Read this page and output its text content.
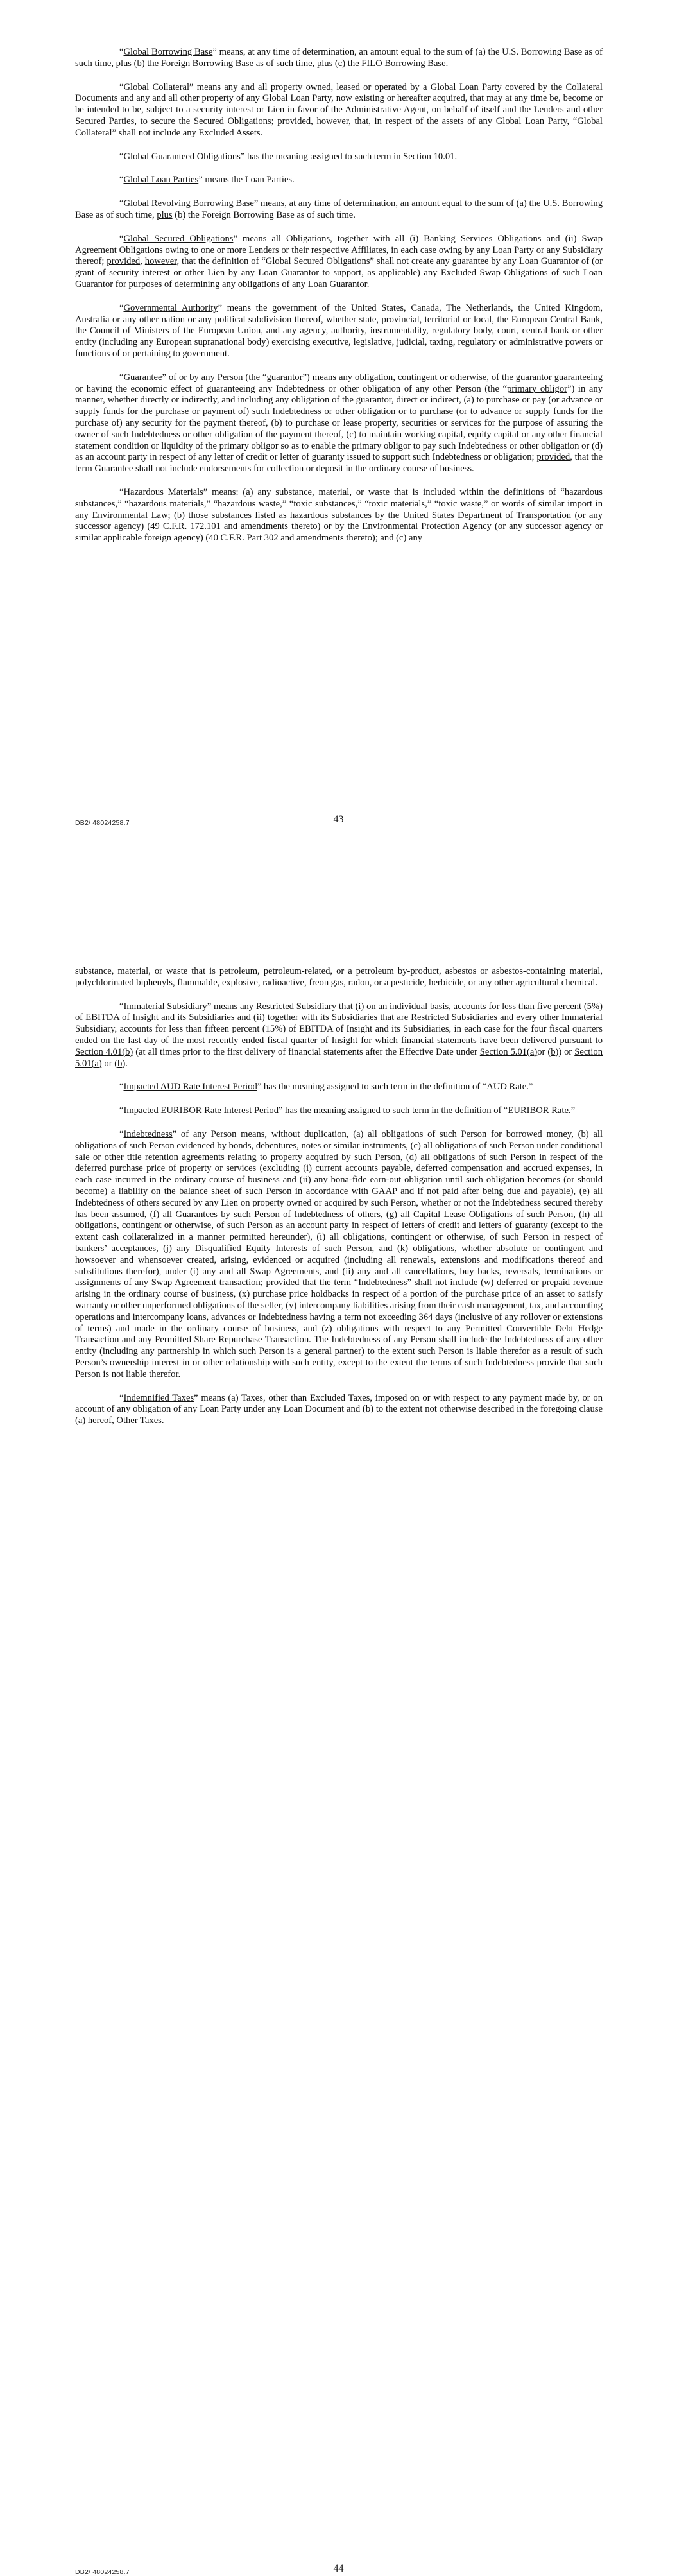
“Global Borrowing Base” means, at any time of determination, an amount equal to the sum of (a) the U.S. Borrowing Base as of such time, plus (b) the Foreign Borrowing Base as of such time, plus (c) the FILO Borrowing Base.

“Global Collateral” means any and all property owned, leased or operated by a Global Loan Party covered by the Collateral Documents and any and all other property of any Global Loan Party, now existing or hereafter acquired, that may at any time be, become or be intended to be, subject to a security interest or Lien in favor of the Administrative Agent, on behalf of itself and the Lenders and other Secured Parties, to secure the Secured Obligations; provided, however, that, in respect of the assets of any Global Loan Party, “Global Collateral” shall not include any Excluded Assets.

“Global Guaranteed Obligations” has the meaning assigned to such term in Section 10.01.

“Global Loan Parties” means the Loan Parties.

“Global Revolving Borrowing Base” means, at any time of determination, an amount equal to the sum of (a) the U.S. Borrowing Base as of such time, plus (b) the Foreign Borrowing Base as of such time.

“Global Secured Obligations” means all Obligations, together with all (i) Banking Services Obligations and (ii) Swap Agreement Obligations owing to one or more Lenders or their respective Affiliates, in each case owing by any Loan Party or any Subsidiary thereof; provided, however, that the definition of “Global Secured Obligations” shall not create any guarantee by any Loan Guarantor of (or grant of security interest or other Lien by any Loan Guarantor to support, as applicable) any Excluded Swap Obligations of such Loan Guarantor for purposes of determining any obligations of any Loan Guarantor.

“Governmental Authority” means the government of the United States, Canada, The Netherlands, the United Kingdom, Australia or any other nation or any political subdivision thereof, whether state, provincial, territorial or local, the European Central Bank, the Council of Ministers of the European Union, and any agency, authority, instrumentality, regulatory body, court, central bank or other entity (including any European supranational body) exercising executive, legislative, judicial, taxing, regulatory or administrative powers or functions of or pertaining to government.

“Guarantee” of or by any Person (the “guarantor”) means any obligation, contingent or otherwise, of the guarantor guaranteeing or having the economic effect of guaranteeing any Indebtedness or other obligation of any other Person (the “primary obligor”) in any manner, whether directly or indirectly, and including any obligation of the guarantor, direct or indirect, (a) to purchase or pay (or advance or supply funds for the purchase or payment of) such Indebtedness or other obligation or to purchase (or to advance or supply funds for the purchase of) any security for the payment thereof, (b) to purchase or lease property, securities or services for the purpose of assuring the owner of such Indebtedness or other obligation of the payment thereof, (c) to maintain working capital, equity capital or any other financial statement condition or liquidity of the primary obligor so as to enable the primary obligor to pay such Indebtedness or other obligation or (d) as an account party in respect of any letter of credit or letter of guaranty issued to support such Indebtedness or obligation; provided, that the term Guarantee shall not include endorsements for collection or deposit in the ordinary course of business.

“Hazardous Materials” means: (a) any substance, material, or waste that is included within the definitions of “hazardous substances,” “hazardous materials,” “hazardous waste,” “toxic substances,” “toxic materials,” “toxic waste,” or words of similar import in any Environmental Law; (b) those substances listed as hazardous substances by the United States Department of Transportation (or any successor agency) (49 C.F.R. 172.101 and amendments thereto) or by the Environmental Protection Agency (or any successor agency or similar applicable foreign agency) (40 C.F.R. Part 302 and amendments thereto); and (c) any

DB2/ 48024258.7	43

substance, material, or waste that is petroleum, petroleum-related, or a petroleum by-product, asbestos or asbestos-containing material, polychlorinated biphenyls, flammable, explosive, radioactive, freon gas, radon, or a pesticide, herbicide, or any other agricultural chemical.

“Immaterial Subsidiary” means any Restricted Subsidiary that (i) on an individual basis, accounts for less than five percent (5%) of EBITDA of Insight and its Subsidiaries and (ii) together with its Subsidiaries that are Restricted Subsidiaries and every other Immaterial Subsidiary, accounts for less than fifteen percent (15%) of EBITDA of Insight and its Subsidiaries, in each case for the four fiscal quarters ended on the last day of the most recently ended fiscal quarter of Insight for which financial statements have been delivered pursuant to Section 4.01(b) (at all times prior to the first delivery of financial statements after the Effective Date under Section 5.01(a)or (b)) or Section 5.01(a) or (b).

“Impacted AUD Rate Interest Period” has the meaning assigned to such term in the definition of “AUD Rate.”

“Impacted EURIBOR Rate Interest Period” has the meaning assigned to such term in the definition of “EURIBOR Rate.”

“Indebtedness” of any Person means, without duplication, (a) all obligations of such Person for borrowed money, (b) all obligations of such Person evidenced by bonds, debentures, notes or similar instruments, (c) all obligations of such Person under conditional sale or other title retention agreements relating to property acquired by such Person, (d) all obligations of such Person in respect of the deferred purchase price of property or services (excluding (i) current accounts payable, deferred compensation and accrued expenses, in each case incurred in the ordinary course of business and (ii) any bona-fide earn-out obligation until such obligation becomes (or should become) a liability on the balance sheet of such Person in accordance with GAAP and if not paid after being due and payable), (e) all Indebtedness of others secured by any Lien on property owned or acquired by such Person, whether or not the Indebtedness secured thereby has been assumed, (f) all Guarantees by such Person of Indebtedness of others, (g) all Capital Lease Obligations of such Person, (h) all obligations, contingent or otherwise, of such Person as an account party in respect of letters of credit and letters of guaranty (except to the extent cash collateralized in a manner permitted hereunder), (i) all obligations, contingent or otherwise, of such Person in respect of bankers’ acceptances, (j) any Disqualified Equity Interests of such Person, and (k) obligations, whether absolute or contingent and howsoever and whensoever created, arising, evidenced or acquired (including all renewals, extensions and modifications thereof and substitutions therefor), under (i) any and all Swap Agreements, and (ii) any and all cancellations, buy backs, reversals, terminations or assignments of any Swap Agreement transaction; provided that the term “Indebtedness” shall not include (w) deferred or prepaid revenue arising in the ordinary course of business, (x) purchase price holdbacks in respect of a portion of the purchase price of an asset to satisfy warranty or other unperformed obligations of the seller, (y) intercompany liabilities arising from their cash management, tax, and accounting operations and intercompany loans, advances or Indebtedness having a term not exceeding 364 days (inclusive of any rollover or extensions of terms) and made in the ordinary course of business, and (z) obligations with respect to any Permitted Convertible Debt Hedge Transaction and any Permitted Share Repurchase Transaction. The Indebtedness of any Person shall include the Indebtedness of any other entity (including any partnership in which such Person is a general partner) to the extent such Person is liable therefor as a result of such Person’s ownership interest in or other relationship with such entity, except to the extent the terms of such Indebtedness provide that such Person is not liable therefor.

“Indemnified Taxes” means (a) Taxes, other than Excluded Taxes, imposed on or with respect to any payment made by, or on account of any obligation of any Loan Party under any Loan Document and (b) to the extent not otherwise described in the foregoing clause (a) hereof, Other Taxes.

DB2/ 48024258.7	44
